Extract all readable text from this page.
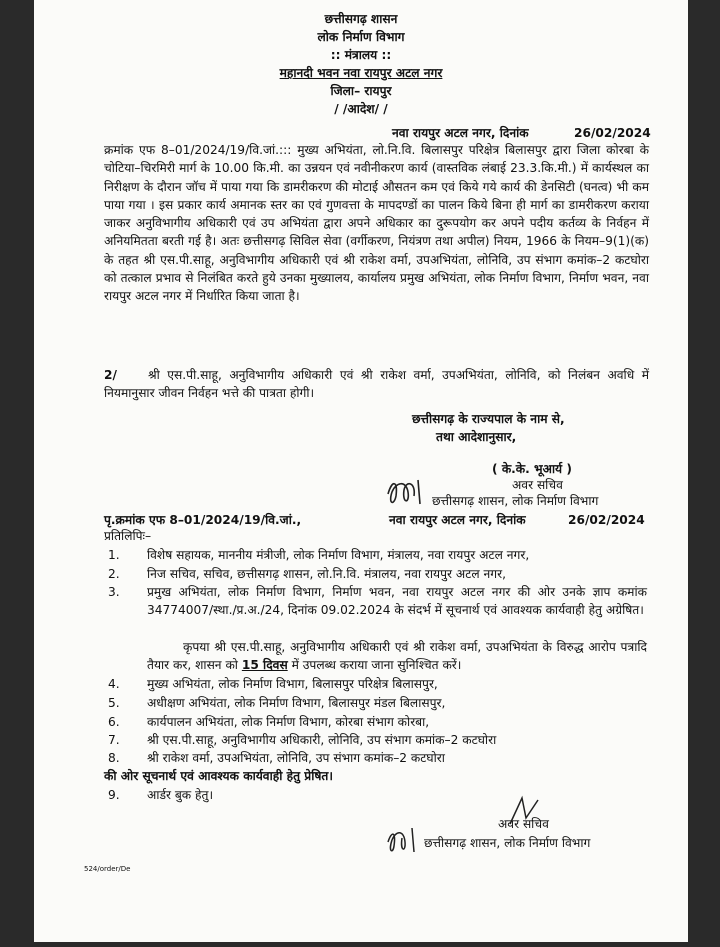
छत्तीसगढ़ शासन
लोक निर्माण विभाग
:: मंत्रालय ::
महानदी भवन नवा रायपुर अटल नगर
जिला– रायपुर
/ /आदेश/ /
नवा रायपुर अटल नगर, दिनांक	26/02/2024
क्रमांक एफ 8–01/2024/19/वि.जां.::: मुख्य अभियंता, लो.नि.वि. बिलासपुर परिक्षेत्र बिलासपुर द्वारा जिला कोरबा के चोटिया–चिरमिरी मार्ग के 10.00 कि.मी. का उन्नयन एवं नवीनीकरण कार्य (वास्तविक लंबाई 23.3.कि.मी.) में कार्यस्थल का निरीक्षण के दौरान जॉच में पाया गया कि डामरीकरण की मोटाई औसतन कम एवं किये गये कार्य की डेनसिटी (घनत्व) भी कम पाया गया । इस प्रकार कार्य अमानक स्तर का एवं गुणवत्ता के मापदण्डों का पालन किये बिना ही मार्ग का डामरीकरण कराया जाकर अनुविभागीय अधिकारी एवं उप अभियंता द्वारा अपने अधिकार का दुरूपयोग कर अपने पदीय कर्तव्य के निर्वहन में अनियमितता बरती गई है। अतः छत्तीसगढ़ सिविल सेवा (वर्गीकरण, नियंत्रण तथा अपील) नियम, 1966 के नियम–9(1)(क) के तहत श्री एस.पी.साहू, अनुविभागीय अधिकारी एवं श्री राकेश वर्मा, उपअभियंता, लोनिवि, उप संभाग कमांक–2 कटघोरा को तत्काल प्रभाव से निलंबित करते हुये उनका मुख्यालय, कार्यालय प्रमुख अभियंता, लोक निर्माण विभाग, निर्माण भवन, नवा रायपुर अटल नगर में निर्धारित किया जाता है।
2/	श्री एस.पी.साहू, अनुविभागीय अधिकारी एवं श्री राकेश वर्मा, उपअभियंता, लोनिवि, को निलंबन अवधि में नियमानुसार जीवन निर्वहन भत्ते की पात्रता होगी।
छत्तीसगढ़ के राज्यपाल के नाम से,
तथा आदेशानुसार,
( के.के. भूआर्य )
अवर सचिव
छत्तीसगढ़ शासन, लोक निर्माण विभाग
पृ.क्रमांक एफ 8–01/2024/19/वि.जां.,	नवा रायपुर अटल नगर, दिनांक	26/02/2024
प्रतिलिपिः–
1. विशेष सहायक, माननीय मंत्रीजी, लोक निर्माण विभाग, मंत्रालय, नवा रायपुर अटल नगर,
2. निज सचिव, सचिव, छत्तीसगढ़ शासन, लो.नि.वि. मंत्रालय, नवा रायपुर अटल नगर,
3. प्रमुख अभियंता, लोक निर्माण विभाग, निर्माण भवन, नवा रायपुर अटल नगर की ओर उनके ज्ञाप कमांक 34774007/स्था./प्र.अ./24, दिनांक 09.02.2024 के संदर्भ में सूचनार्थ एवं आवश्यक कार्यवाही हेतु अग्रेषित।
कृपया श्री एस.पी.साहू, अनुविभागीय अधिकारी एवं श्री राकेश वर्मा, उपअभियंता के विरुद्ध आरोप पत्रादि तैयार कर, शासन को 15 दिवस में उपलब्ध कराया जाना सुनिश्चित करें।
4. मुख्य अभियंता, लोक निर्माण विभाग, बिलासपुर परिक्षेत्र बिलासपुर,
5. अधीक्षण अभियंता, लोक निर्माण विभाग, बिलासपुर मंडल बिलासपुर,
6. कार्यपालन अभियंता, लोक निर्माण विभाग, कोरबा संभाग कोरबा,
7. श्री एस.पी.साहू, अनुविभागीय अधिकारी, लोनिवि, उप संभाग कमांक–2 कटघोरा
8. श्री राकेश वर्मा, उपअभियंता, लोनिवि, उप संभाग कमांक–2 कटघोरा
की ओर सूचनार्थ एवं आवश्यक कार्यवाही हेतु प्रेषित।
9. आर्डर बुक हेतु।
अवर सचिव
छत्तीसगढ़ शासन, लोक निर्माण विभाग
524/order/De
